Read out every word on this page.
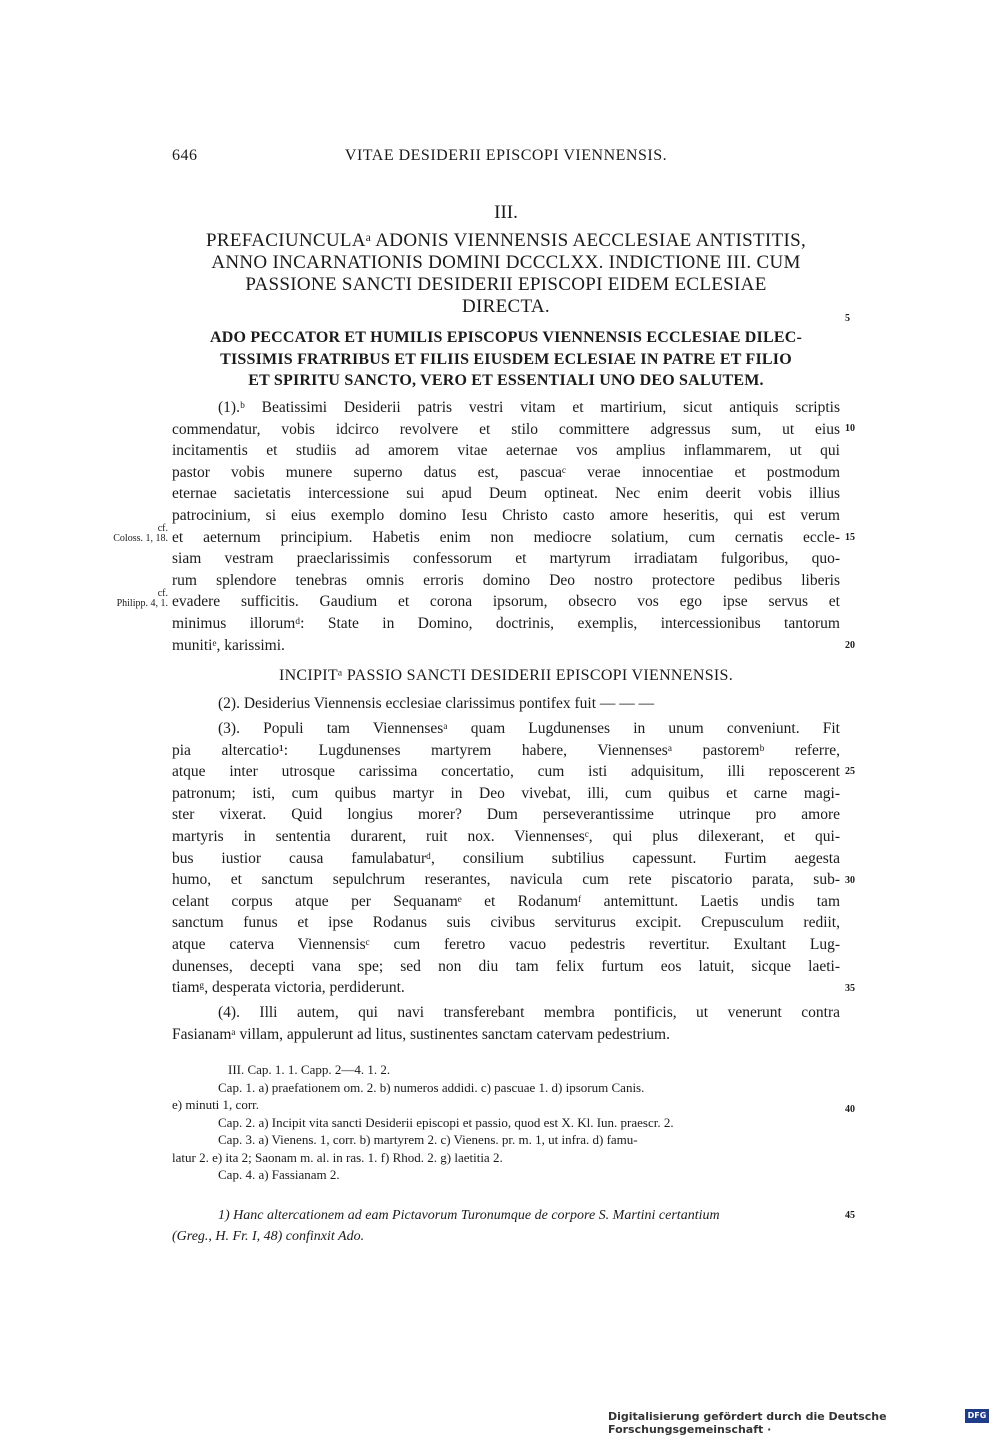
646	VITAE DESIDERII EPISCOPI VIENNENSIS.
III.
PREFACIUNCULAᵃ ADONIS VIENNENSIS AECCLESIAE ANTISTITIS,
ANNO INCARNATIONIS DOMINI DCCCLXX. INDICTIONE III. CUM
PASSIONE SANCTI DESIDERII EPISCOPI EIDEM ECLESIAE
DIRECTA.
ADO PECCATOR ET HUMILIS EPISCOPUS VIENNENSIS ECCLESIAE DILEC-
TISSIMIS FRATRIBUS ET FILIIS EIUSDEM ECLESIAE IN PATRE ET FILIO
ET SPIRITU SANCTO, VERO ET ESSENTIALI UNO DEO SALUTEM.
(1).ᵇ Beatissimi Desiderii patris vestri vitam et martirium, sicut antiquis scriptis
commendatur, vobis idcirco revolvere et stilo committere adgressus sum, ut eius
incitamentis et studiis ad amorem vitae aeternae vos amplius inflammarem, ut qui
pastor vobis munere superno datus est, pascuaᶜ verae innocentiae et postmodum
eternae sacietatis intercessione sui apud Deum optineat. Nec enim deerit vobis illius
patrocinium, si eius exemplo domino Iesu Christo casto amore heseritis, qui est verum
et aeternum principium. Habetis enim non mediocre solatium, cum cernatis eccle-
siam vestram praeclarissimis confessorum et martyrum irradiatam fulgoribus, quo-
rum splendore tenebras omnis erroris domino Deo nostro protectore pedibus liberis
evadere sufficitis. Gaudium et corona ipsorum, obsecro vos ego ipse servus et
minimus illorumᵈ: State in Domino, doctrinis, exemplis, intercessionibus tantorum
munitiᵉ, karissimi.
INCIPITᵃ PASSIO SANCTI DESIDERII EPISCOPI VIENNENSIS.
(2). Desiderius Viennensis ecclesiae clarissimus pontifex fuit — — —
(3). Populi tam Viennensesᵃ quam Lugdunenses in unum conveniunt. Fit
pia altercatio¹: Lugdunenses martyrem habere, Viennensesᵃ pastoremᵇ referre,
atque inter utrosque carissima concertatio, cum isti adquisitum, illi reposcerent
patronum; isti, cum quibus martyr in Deo vivebat, illi, cum quibus et carne magi-
ster vixerat. Quid longius morer? Dum perseverantissime utrinque pro amore
martyris in sententia durarent, ruit nox. Viennensesᶜ, qui plus dilexerant, et qui-
bus iustior causa famulabaturᵈ, consilium subtilius capessunt. Furtim aegesta
humo, et sanctum sepulchrum reserantes, navicula cum rete piscatorio parata, sub-
celant corpus atque per Sequanamᵉ et Rodanumᶠ antemittunt. Laetis undis tam
sanctum funus et ipse Rodanus suis civibus serviturus excipit. Crepusculum rediit,
atque caterva Viennensisᶜ cum feretro vacuo pedestris revertitur. Exultant Lug-
dunenses, decepti vana spe; sed non diu tam felix furtum eos latuit, sicque laeti-
tiamᵍ, desperata victoria, perdiderunt.
(4). Illi autem, qui navi transferebant membra pontificis, ut venerunt contra
Fasianamᵃ villam, appulerunt ad litus, sustinentes sanctam catervam pedestrium.
5
10
15
20
25
30
35
40
45
cf.
Coloss. 1, 18.
cf.
Philipp. 4, 1.
III. Cap. 1. 1. Capp. 2—4. 1. 2.
Cap. 1. a) praefationem om. 2. b) numeros addidi. c) pascuae 1. d) ipsorum Canis.
e) minuti 1, corr.
Cap. 2. a) Incipit vita sancti Desiderii episcopi et passio, quod est X. Kl. Iun. praescr. 2.
Cap. 3. a) Vienens. 1, corr. b) martyrem 2. c) Vienens. pr. m. 1, ut infra. d) famu-
latur 2. e) ita 2; Saonam m. al. in ras. 1. f) Rhod. 2. g) laetitia 2.
Cap. 4. a) Fassianam 2.
1) Hanc altercationem ad eam Pictavorum Turonumque de corpore S. Martini certantium
(Greg., H. Fr. I, 48) confinxit Ado.
Digitalisierung gefördert durch die Deutsche Forschungsgemeinschaft ·
DFG
